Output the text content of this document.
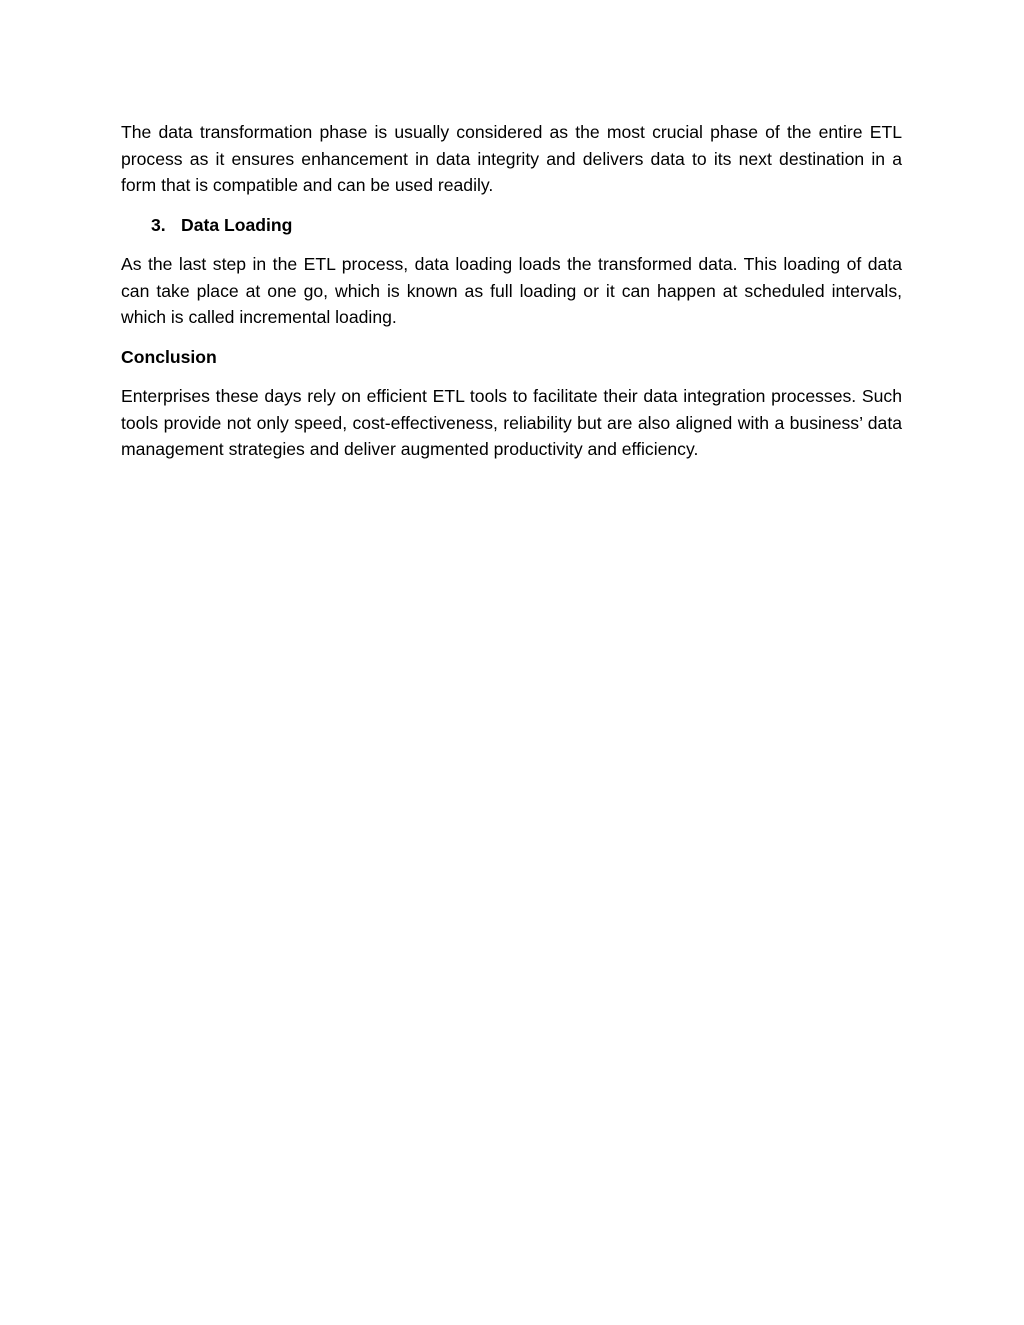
The data transformation phase is usually considered as the most crucial phase of the entire ETL process as it ensures enhancement in data integrity and delivers data to its next destination in a form that is compatible and can be used readily.

3. Data Loading

As the last step in the ETL process, data loading loads the transformed data. This loading of data can take place at one go, which is known as full loading or it can happen at scheduled intervals, which is called incremental loading.

Conclusion

Enterprises these days rely on efficient ETL tools to facilitate their data integration processes. Such tools provide not only speed, cost-effectiveness, reliability but are also aligned with a business’ data management strategies and deliver augmented productivity and efficiency.
